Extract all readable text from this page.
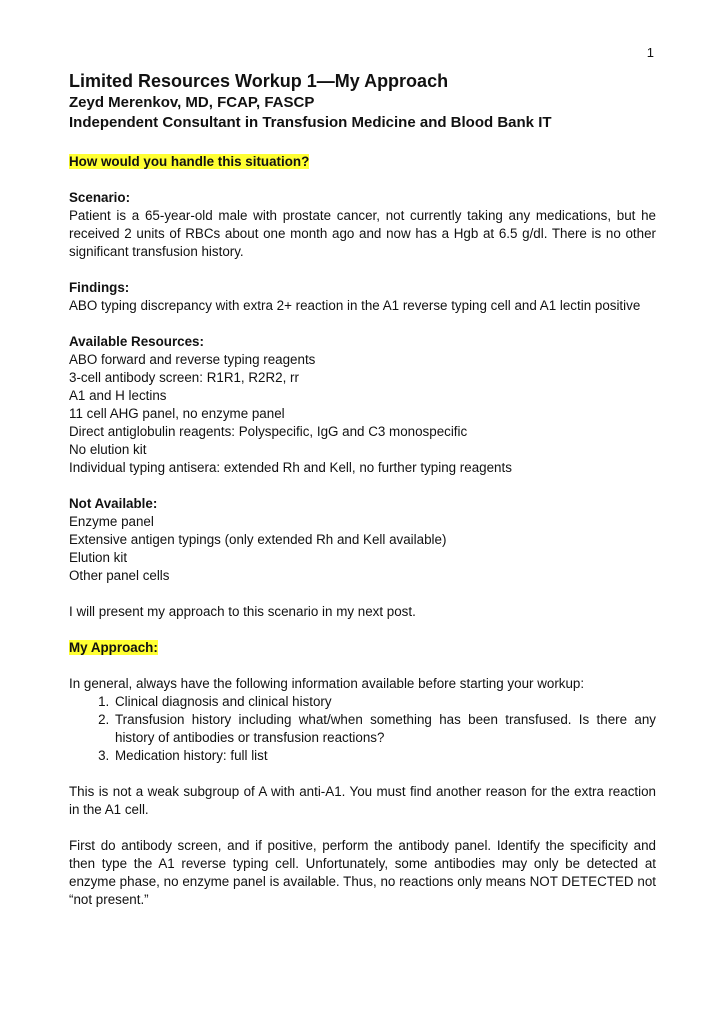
1

Limited Resources Workup 1—My Approach

Zeyd Merenkov, MD, FCAP, FASCP

Independent Consultant in Transfusion Medicine and Blood Bank IT

How would you handle this situation?

Scenario:

Patient is a 65-year-old male with prostate cancer, not currently taking any medications, but he received 2 units of RBCs about one month ago and now has a Hgb at 6.5 g/dl. There is no other significant transfusion history.

Findings:

ABO typing discrepancy with extra 2+ reaction in the A1 reverse typing cell and A1 lectin positive

Available Resources:

ABO forward and reverse typing reagents

3-cell antibody screen: R1R1, R2R2, rr

A1 and H lectins

11 cell AHG panel, no enzyme panel

Direct antiglobulin reagents: Polyspecific, IgG and C3 monospecific

No elution kit

Individual typing antisera: extended Rh and Kell, no further typing reagents

Not Available:

Enzyme panel

Extensive antigen typings (only extended Rh and Kell available)

Elution kit

Other panel cells

I will present my approach to this scenario in my next post.

My Approach:

In general, always have the following information available before starting your workup:

1. Clinical diagnosis and clinical history
2. Transfusion history including what/when something has been transfused. Is there any history of antibodies or transfusion reactions?
3. Medication history: full list

This is not a weak subgroup of A with anti-A1. You must find another reason for the extra reaction in the A1 cell.

First do antibody screen, and if positive, perform the antibody panel. Identify the specificity and then type the A1 reverse typing cell. Unfortunately, some antibodies may only be detected at enzyme phase, no enzyme panel is available. Thus, no reactions only means NOT DETECTED not “not present.”
